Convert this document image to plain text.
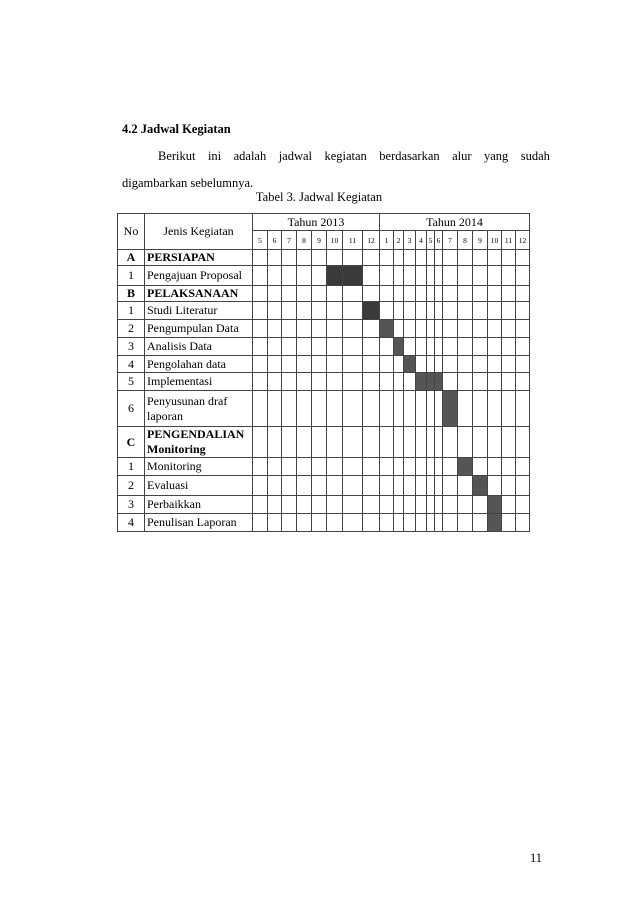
4.2 Jadwal Kegiatan
Berikut ini adalah jadwal kegiatan berdasarkan alur yang sudah
digambarkan sebelumnya.
Tabel 3. Jadwal Kegiatan
No	Jenis Kegiatan	Tahun 2013								Tahun 2014											
		5	6	7	8	9	10	11	12	1	2	3	4	5	6	7	8	9	10	11	12
A	PERSIAPAN																				
1	Pengajuan Proposal																				
B	PELAKSANAAN																				
1	Studi Literatur																				
2	Pengumpulan Data																				
3	Analisis Data																				
4	Pengolahan data																				
5	Implementasi																				
6	Penyusunan draf
laporan																				
C	PENGENDALIAN
Monitoring																				
1	Monitoring																				
2	Evaluasi																				
3	Perbaikkan																				
4	Penulisan Laporan																				
11
